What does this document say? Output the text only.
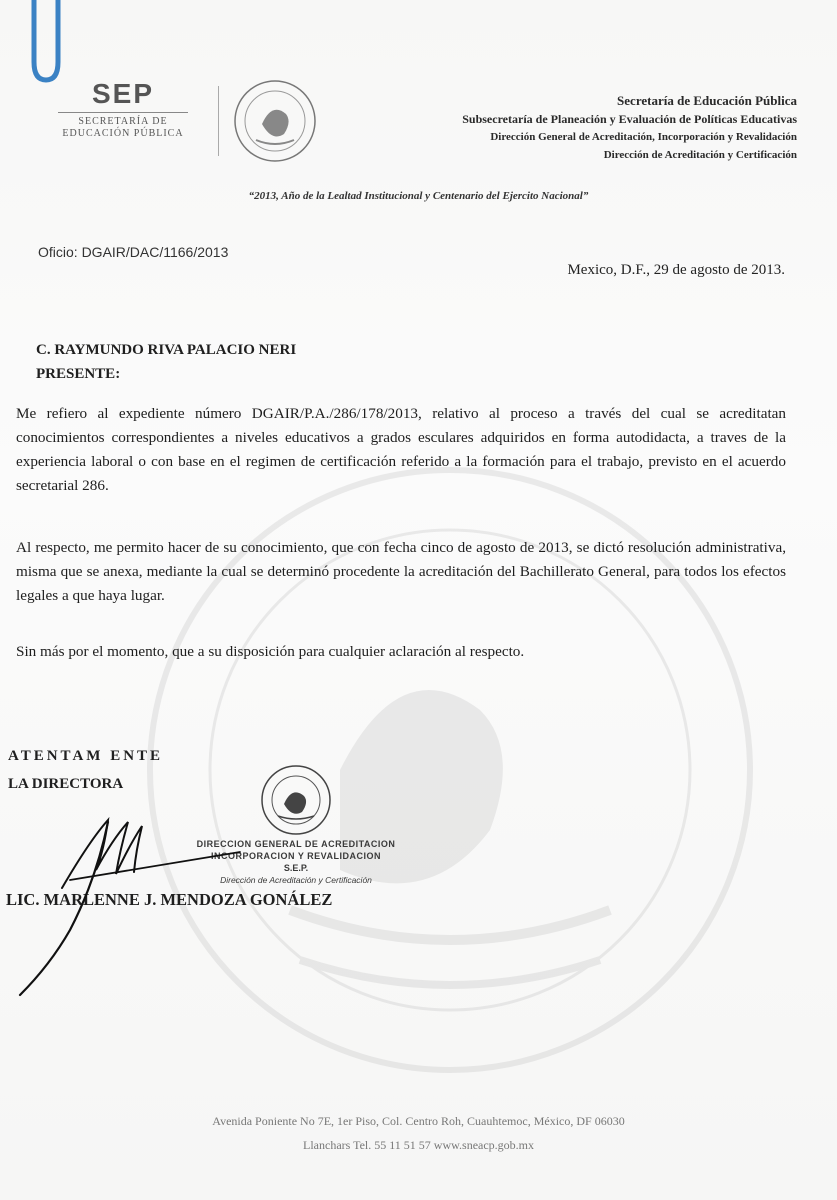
SEP
SECRETARÍA DE
EDUCACIÓN PÚBLICA
Secretaría de Educación Pública
Subsecretaría de Planeación y Evaluación de Políticas Educativas
Dirección General de Acreditación, Incorporación y Revalidación
Dirección de Acreditación y Certificación
“2013, Año de la Lealtad Institucional y Centenario del Ejercito Nacional”
Oficio: DGAIR/DAC/1166/2013
Mexico, D.F., 29 de agosto de 2013.
C. RAYMUNDO RIVA PALACIO NERI
PRESENTE:
Me refiero al expediente número DGAIR/P.A./286/178/2013, relativo al proceso a través del cual se acreditatan conocimientos correspondientes a niveles educativos a grados esculares adquiridos en forma autodidacta, a traves de la experiencia laboral o con base en el regimen de certificación referido a la formación para el trabajo, previsto en el acuerdo secretarial 286.
Al respecto, me permito hacer de su conocimiento, que con fecha cinco de agosto de 2013, se dictó resolución administrativa, misma que se anexa, mediante la cual se determinó procedente la acreditación del Bachillerato General, para todos los efectos legales a que haya lugar.
Sin más por el momento, que a su disposición para cualquier aclaración al respecto.
ATENTAM ENTE
LA DIRECTORA
DIRECCION GENERAL DE ACREDITACION
INCORPORACION Y REVALIDACION
S.E.P.
Dirección de Acreditación y Certificación
LIC. MARLENNE J. MENDOZA GONÁLEZ
Avenida Poniente No 7E, 1er Piso, Col. Centro Roh, Cuauhtemoc, México, DF 06030
Llanchars Tel. 55 11 51 57 www.sneacp.gob.mx
